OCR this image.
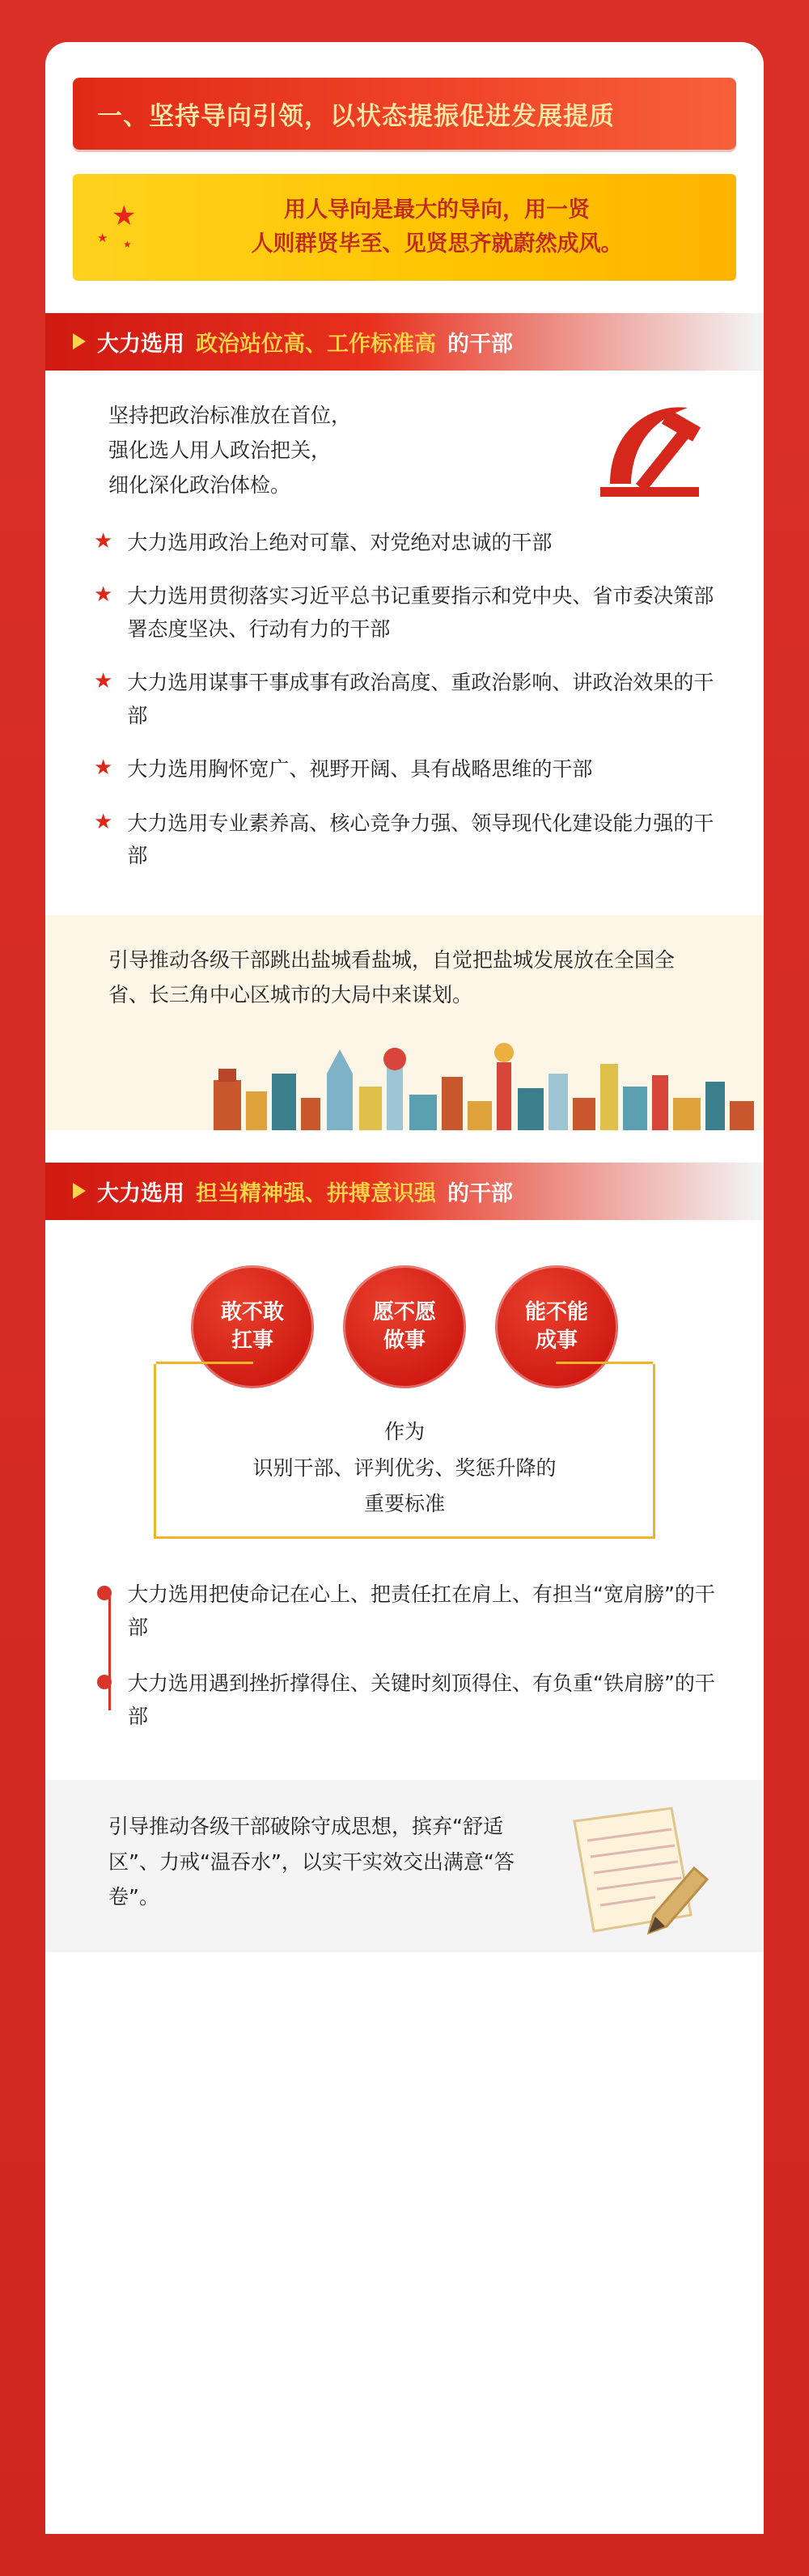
一、坚持导向引领，以状态提振促进发展提质
★
★ ★
用人导向是最大的导向，用一贤
人则群贤毕至、见贤思齐就蔚然成风。
大力选用 政治站位高、工作标准高 的干部
坚持把政治标准放在首位，
强化选人用人政治把关，
细化深化政治体检。
★ 大力选用政治上绝对可靠、对党绝对忠诚的干部
★ 大力选用贯彻落实习近平总书记重要指示和党中央、省市委决策部署态度坚决、行动有力的干部
★ 大力选用谋事干事成事有政治高度、重政治影响、讲政治效果的干部
★ 大力选用胸怀宽广、视野开阔、具有战略思维的干部
★ 大力选用专业素养高、核心竞争力强、领导现代化建设能力强的干部
引导推动各级干部跳出盐城看盐城，自觉把盐城发展放在全国全省、长三角中心区城市的大局中来谋划。
大力选用 担当精神强、拼搏意识强 的干部
敢不敢
扛事
愿不愿
做事
能不能
成事
作为
识别干部、评判优劣、奖惩升降的
重要标准
大力选用把使命记在心上、把责任扛在肩上、有担当“宽肩膀”的干部
大力选用遇到挫折撑得住、关键时刻顶得住、有负重“铁肩膀”的干部
引导推动各级干部破除守成思想，摈弃“舒适区”、力戒“温吞水”，以实干实效交出满意“答卷”。
